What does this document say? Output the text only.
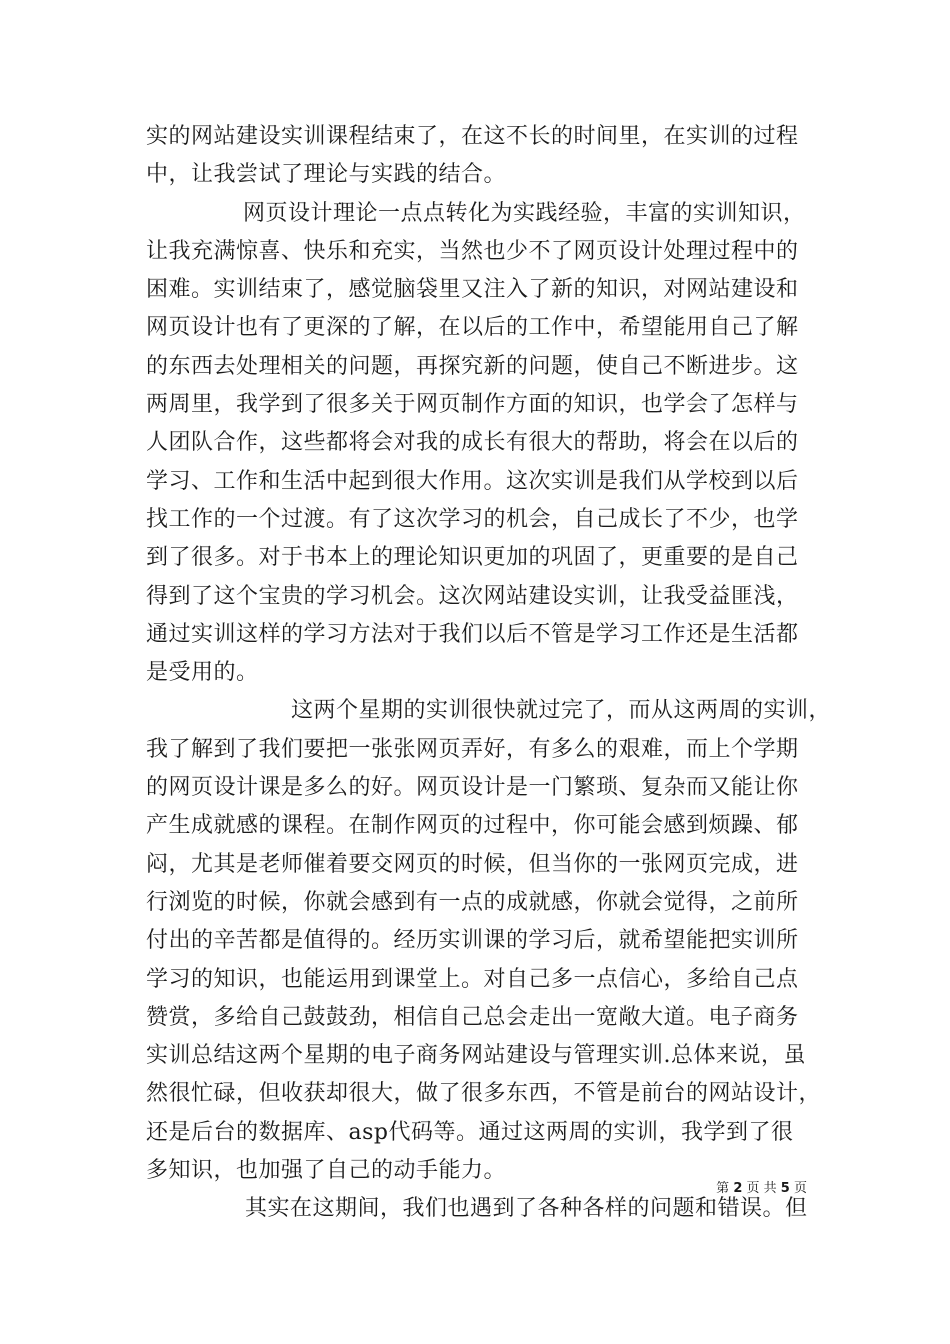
实的网站建设实训课程结束了，在这不长的时间里，在实训的过程
中，让我尝试了理论与实践的结合。
网页设计理论一点点转化为实践经验，丰富的实训知识，
让我充满惊喜、快乐和充实，当然也少不了网页设计处理过程中的
困难。实训结束了，感觉脑袋里又注入了新的知识，对网站建设和
网页设计也有了更深的了解，在以后的工作中，希望能用自己了解
的东西去处理相关的问题，再探究新的问题，使自己不断进步。这
两周里，我学到了很多关于网页制作方面的知识，也学会了怎样与
人团队合作，这些都将会对我的成长有很大的帮助，将会在以后的
学习、工作和生活中起到很大作用。这次实训是我们从学校到以后
找工作的一个过渡。有了这次学习的机会，自己成长了不少，也学
到了很多。对于书本上的理论知识更加的巩固了，更重要的是自己
得到了这个宝贵的学习机会。这次网站建设实训，让我受益匪浅，
通过实训这样的学习方法对于我们以后不管是学习工作还是生活都
是受用的。
这两个星期的实训很快就过完了，而从这两周的实训，
我了解到了我们要把一张张网页弄好，有多么的艰难，而上个学期
的网页设计课是多么的好。网页设计是一门繁琐、复杂而又能让你
产生成就感的课程。在制作网页的过程中，你可能会感到烦躁、郁
闷，尤其是老师催着要交网页的时候，但当你的一张网页完成，进
行浏览的时候，你就会感到有一点的成就感，你就会觉得，之前所
付出的辛苦都是值得的。经历实训课的学习后，就希望能把实训所
学习的知识，也能运用到课堂上。对自己多一点信心，多给自己点
赞赏，多给自己鼓鼓劲，相信自己总会走出一宽敞大道。电子商务
实训总结这两个星期的电子商务网站建设与管理实训.总体来说，虽
然很忙碌，但收获却很大，做了很多东西，不管是前台的网站设计，
还是后台的数据库、asp代码等。通过这两周的实训，我学到了很
多知识，也加强了自己的动手能力。
其实在这期间，我们也遇到了各种各样的问题和错误。但
第 2 页 共 5 页
